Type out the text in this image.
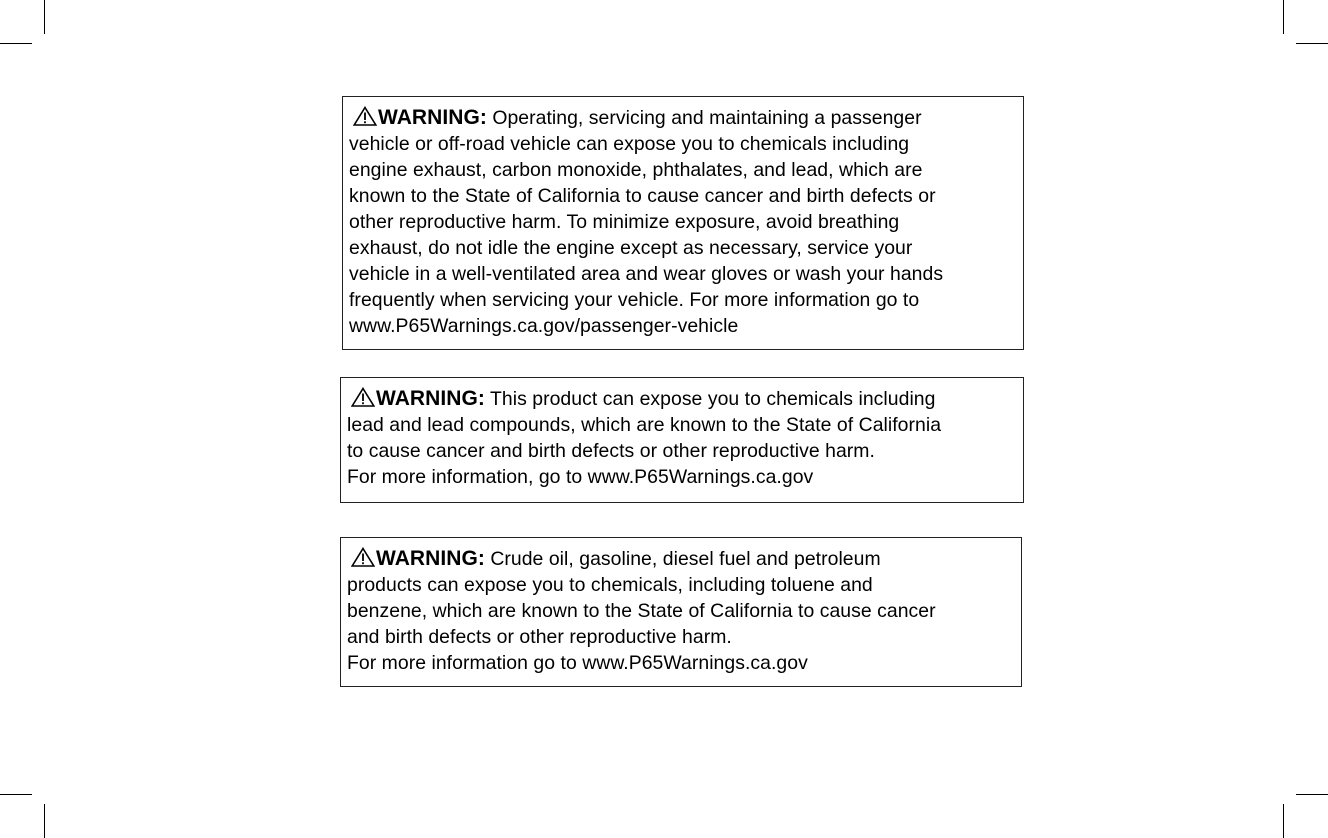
WARNING: Operating, servicing and maintaining a passenger
vehicle or off-road vehicle can expose you to chemicals including
engine exhaust, carbon monoxide, phthalates, and lead, which are
known to the State of California to cause cancer and birth defects or
other reproductive harm. To minimize exposure, avoid breathing
exhaust, do not idle the engine except as necessary, service your
vehicle in a well-ventilated area and wear gloves or wash your hands
frequently when servicing your vehicle. For more information go to
www.P65Warnings.ca.gov/passenger-vehicle

WARNING: This product can expose you to chemicals including
lead and lead compounds, which are known to the State of California
to cause cancer and birth defects or other reproductive harm.
For more information, go to www.P65Warnings.ca.gov

WARNING: Crude oil, gasoline, diesel fuel and petroleum
products can expose you to chemicals, including toluene and
benzene, which are known to the State of California to cause cancer
and birth defects or other reproductive harm.
For more information go to www.P65Warnings.ca.gov
